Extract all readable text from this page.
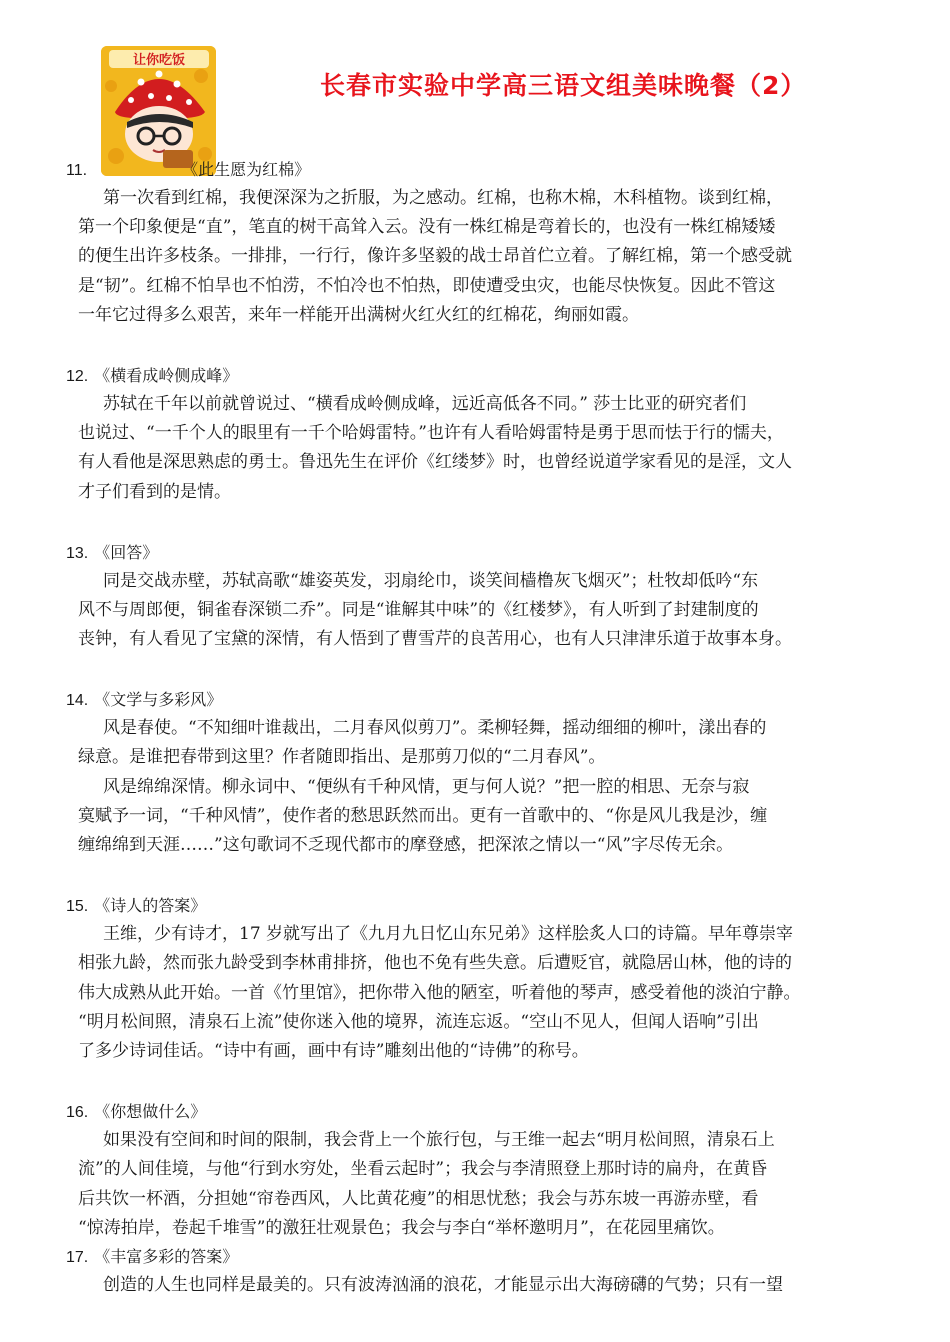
让你吃饭
长春市实验中学高三语文组美味晚餐（2）
11.	《此生愿为红棉》
第一次看到红棉，我便深深为之折服，为之感动。红棉，也称木棉，木科植物。谈到红棉，
第一个印象便是“直”，笔直的树干高耸入云。没有一株红棉是弯着长的，也没有一株红棉矮矮
的便生出许多枝条。一排排，一行行，像许多坚毅的战士昂首伫立着。了解红棉，第一个感受就
是“韧”。红棉不怕旱也不怕涝，不怕冷也不怕热，即使遭受虫灾，也能尽快恢复。因此不管这
一年它过得多么艰苦，来年一样能开出满树火红火红的红棉花，绚丽如霞。
12. 《横看成岭侧成峰》
苏轼在千年以前就曾说过、“横看成岭侧成峰，远近高低各不同。” 莎士比亚的研究者们
也说过、“一千个人的眼里有一千个哈姆雷特。”也许有人看哈姆雷特是勇于思而怯于行的懦夫，
有人看他是深思熟虑的勇士。鲁迅先生在评价《红缕梦》时，也曾经说道学家看见的是淫，文人
才子们看到的是情。
13. 《回答》
同是交战赤壁，苏轼高歌“雄姿英发，羽扇纶巾，谈笑间樯橹灰飞烟灭”；杜牧却低吟“东
风不与周郎便，铜雀春深锁二乔”。同是“谁解其中味”的《红楼梦》，有人听到了封建制度的
丧钟，有人看见了宝黛的深情，有人悟到了曹雪芹的良苦用心，也有人只津津乐道于故事本身。
14. 《文学与多彩风》
风是春使。“不知细叶谁裁出，二月春风似剪刀”。柔柳轻舞，摇动细细的柳叶，漾出春的
绿意。是谁把春带到这里？作者随即指出、是那剪刀似的“二月春风”。
风是绵绵深情。柳永词中、“便纵有千种风情，更与何人说？”把一腔的相思、无奈与寂
寞赋予一词，“千种风情”，使作者的愁思跃然而出。更有一首歌中的、“你是风儿我是沙，缠
缠绵绵到天涯……”这句歌词不乏现代都市的摩登感，把深浓之情以一“风”字尽传无余。
15. 《诗人的答案》
王维，少有诗才，17 岁就写出了《九月九日忆山东兄弟》这样脍炙人口的诗篇。早年尊崇宰
相张九龄，然而张九龄受到李林甫排挤，他也不免有些失意。后遭贬官，就隐居山林，他的诗的
伟大成熟从此开始。一首《竹里馆》，把你带入他的陋室，听着他的琴声，感受着他的淡泊宁静。
“明月松间照，清泉石上流”使你迷入他的境界，流连忘返。“空山不见人，但闻人语响”引出
了多少诗词佳话。“诗中有画，画中有诗”雕刻出他的“诗佛”的称号。
16. 《你想做什么》
如果没有空间和时间的限制，我会背上一个旅行包，与王维一起去“明月松间照，清泉石上
流”的人间佳境，与他“行到水穷处，坐看云起时”；我会与李清照登上那时诗的扁舟，在黄昏
后共饮一杯酒，分担她“帘卷西风，人比黄花瘦”的相思忧愁；我会与苏东坡一再游赤壁，看
“惊涛拍岸，卷起千堆雪”的激狂壮观景色；我会与李白“举杯邀明月”，在花园里痛饮。
17. 《丰富多彩的答案》
创造的人生也同样是最美的。只有波涛汹涌的浪花，才能显示出大海磅礴的气势；只有一望
